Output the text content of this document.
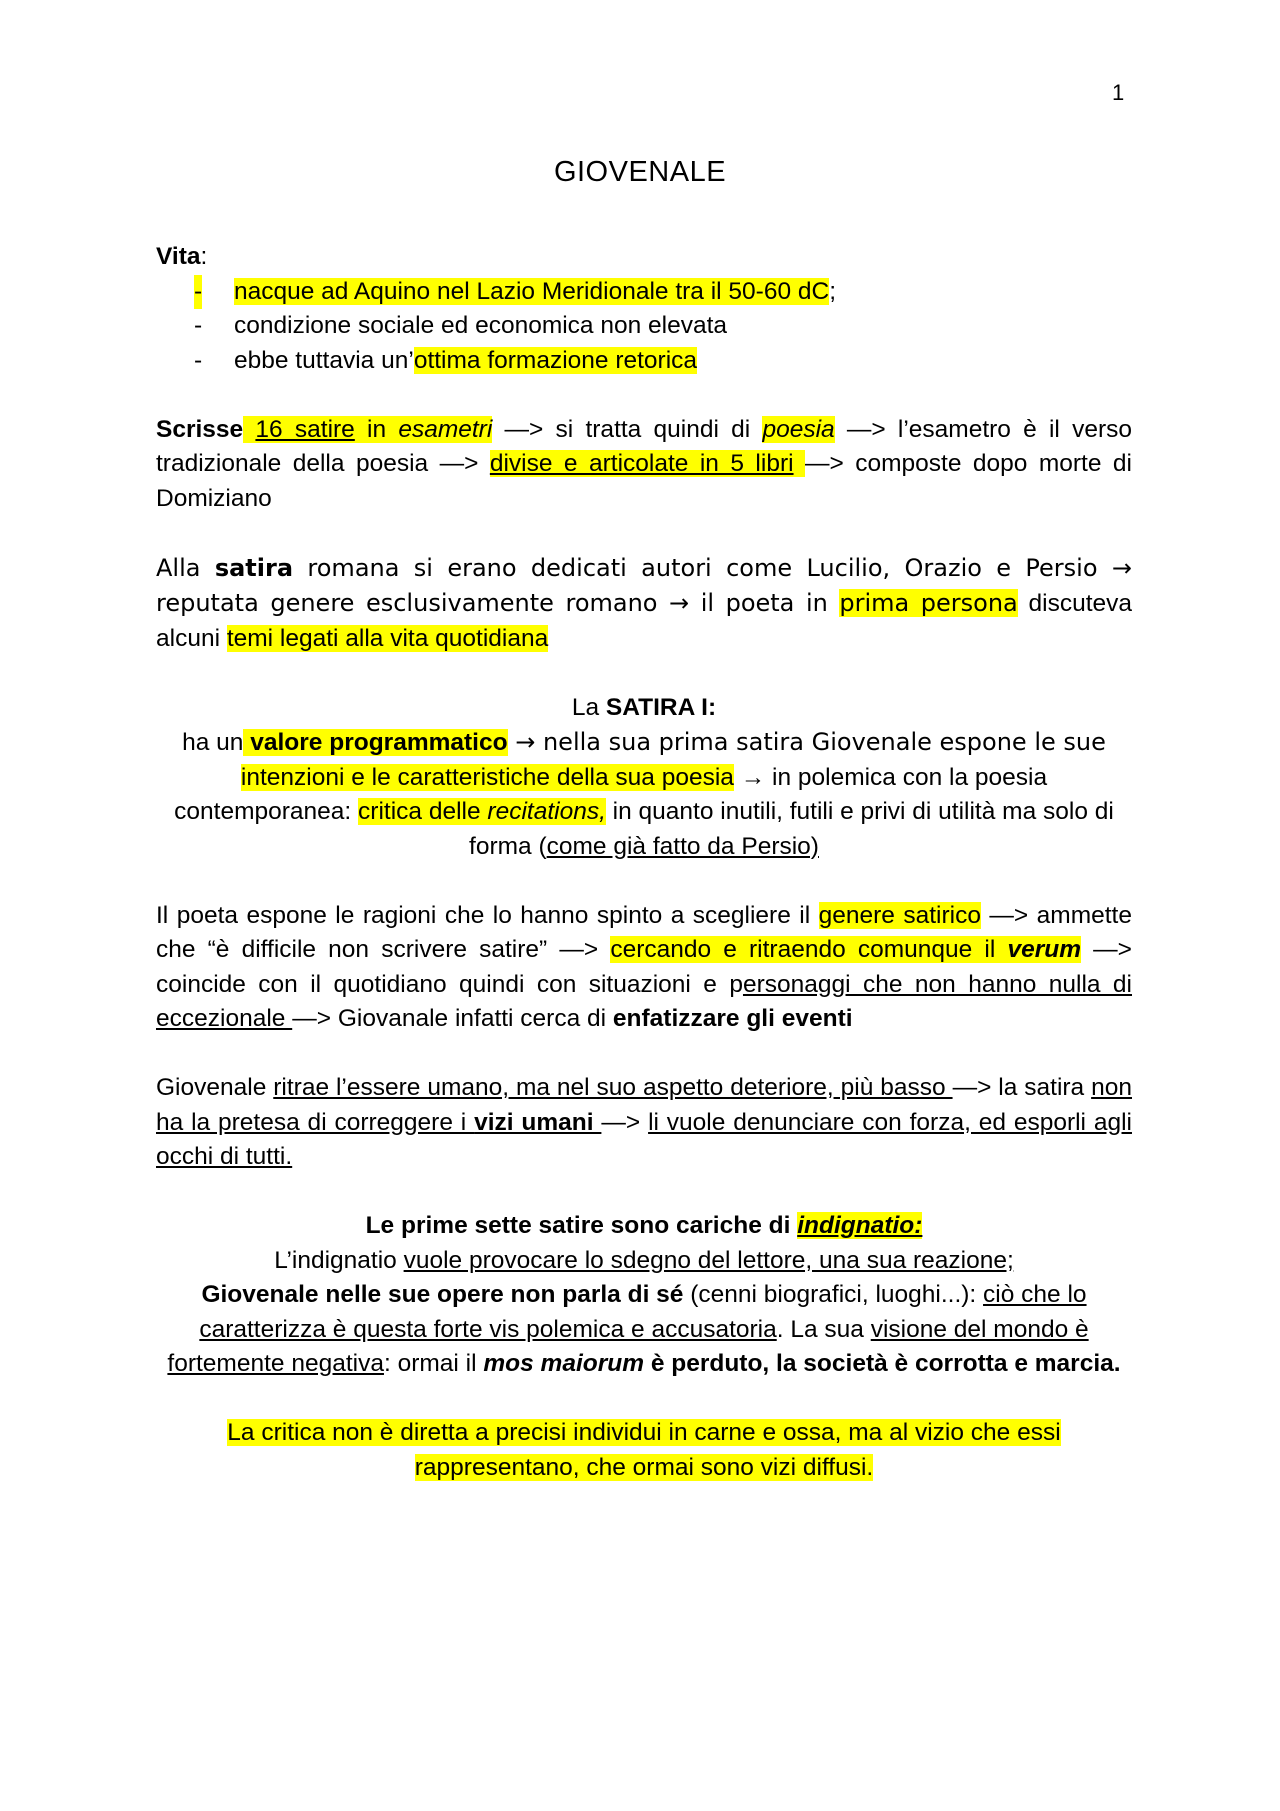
1
GIOVENALE

Vita:

- nacque ad Aquino nel Lazio Meridionale tra il 50-60 dC;
- condizione sociale ed economica non elevata
- ebbe tuttavia un’ottima formazione retorica

Scrisse 16 satire in esametri —> si tratta quindi di poesia —> l’esametro è il verso tradizionale della poesia —> divise e articolate in 5 libri —> composte dopo morte di Domiziano

Alla satira romana si erano dedicati autori come Lucilio, Orazio e Persio → reputata genere esclusivamente romano → il poeta in prima persona discuteva alcuni temi legati alla vita quotidiana

La SATIRA I:

ha un valore programmatico → nella sua prima satira Giovenale espone le sue intenzioni e le caratteristiche della sua poesia → in polemica con la poesia contemporanea: critica delle recitations, in quanto inutili, futili e privi di utilità ma solo di forma (come già fatto da Persio)

Il poeta espone le ragioni che lo hanno spinto a scegliere il genere satirico —> ammette che “è difficile non scrivere satire” —> cercando e ritraendo comunque il verum —> coincide con il quotidiano quindi con situazioni e personaggi che non hanno nulla di eccezionale —> Giovanale infatti cerca di enfatizzare gli eventi

Giovenale ritrae l’essere umano, ma nel suo aspetto deteriore, più basso —> la satira non ha la pretesa di correggere i vizi umani —> li vuole denunciare con forza, ed esporli agli occhi di tutti.

Le prime sette satire sono cariche di indignatio:
L’indignatio vuole provocare lo sdegno del lettore, una sua reazione;
Giovenale nelle sue opere non parla di sé (cenni biografici, luoghi...): ciò che lo caratterizza è questa forte vis polemica e accusatoria. La sua visione del mondo è fortemente negativa: ormai il mos maiorum è perduto, la società è corrotta e marcia.

La critica non è diretta a precisi individui in carne e ossa, ma al vizio che essi rappresentano, che ormai sono vizi diffusi.
